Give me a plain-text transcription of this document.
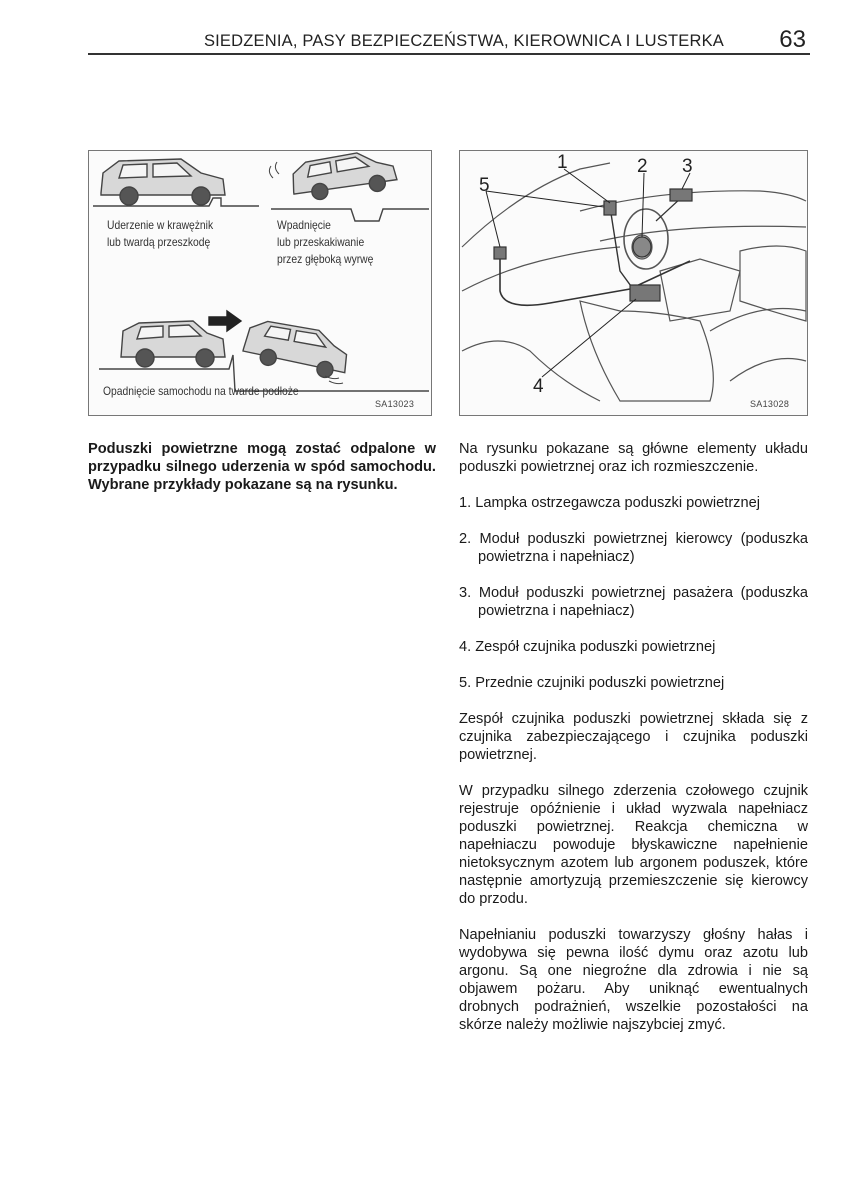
SIEDZENIA, PASY BEZPIECZEŃSTWA, KIEROWNICA I LUSTERKA 63
Uderzenie w krawężnik
lub twardą przeszkodę
Wpadnięcie
lub przeskakiwanie
przez głęboką wyrwę
Opadnięcie samochodu na twarde podłoże
SA13023
1	2 3
4
5
SA13028
Poduszki powietrzne mogą zostać odpalone w przypadku silnego uderzenia w spód samochodu. Wybrane przykłady pokazane są na rysunku.

Na rysunku pokazane są główne elementy układu poduszki powietrznej oraz ich rozmieszczenie.

1. Lampka ostrzegawcza poduszki powietrznej
2. Moduł poduszki powietrznej kierowcy (poduszka powietrzna i napełniacz)
3. Moduł poduszki powietrznej pasażera (poduszka powietrzna i napełniacz)
4. Zespół czujnika poduszki powietrznej
5. Przednie czujniki poduszki powietrznej

Zespół czujnika poduszki powietrznej składa się z czujnika zabezpieczającego i czujnika poduszki powietrznej.

W przypadku silnego zderzenia czołowego czujnik rejestruje opóźnienie i układ wyzwala napełniacz poduszki powietrznej. Reakcja chemiczna w napełniaczu powoduje błyskawiczne napełnienie nietoksycznym azotem lub argonem poduszek, które następnie amortyzują przemieszczenie się kierowcy do przodu.

Napełnianiu poduszki towarzyszy głośny hałas i wydobywa się pewna ilość dymu oraz azotu lub argonu. Są one niegroźne dla zdrowia i nie są objawem pożaru. Aby uniknąć ewentualnych drobnych podrażnień, wszelkie pozostałości na skórze należy możliwie najszybciej zmyć.
